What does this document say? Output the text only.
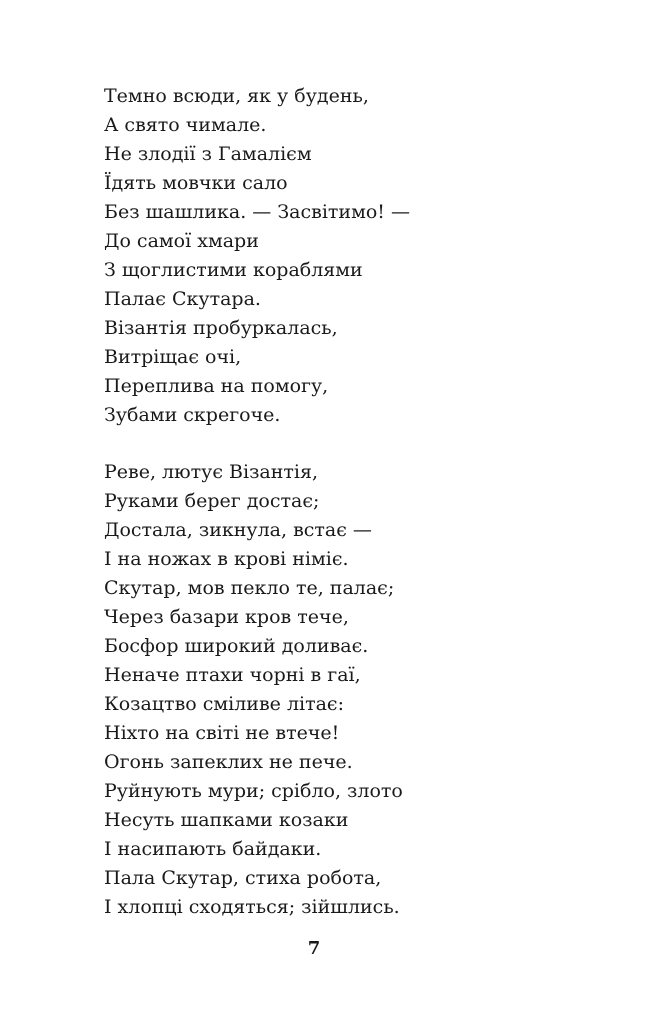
Темно всюди, як у будень,
А свято чимале.
Не злодії з Гамалієм
Їдять мовчки сало
Без шашлика. — Засвітимо! —
До самої хмари
З щоглистими кораблями
Палає Скутара.
Візантія пробуркалась,
Витріщає очі,
Переплива на помогу,
Зубами скрегоче.
Реве, лютує Візантія,
Руками берег достає;
Достала, зикнула, встає —
І на ножах в крові німіє.
Скутар, мов пекло те, палає;
Через базари кров тече,
Босфор широкий доливає.
Неначе птахи чорні в гаї,
Козацтво сміливе літає:
Ніхто на світі не втече!
Огонь запеклих не пече.
Руйнують мури; срібло, злото
Несуть шапками козаки
І насипають байдаки.
Пала Скутар, стиха робота,
І хлопці сходяться; зійшлись.
7
